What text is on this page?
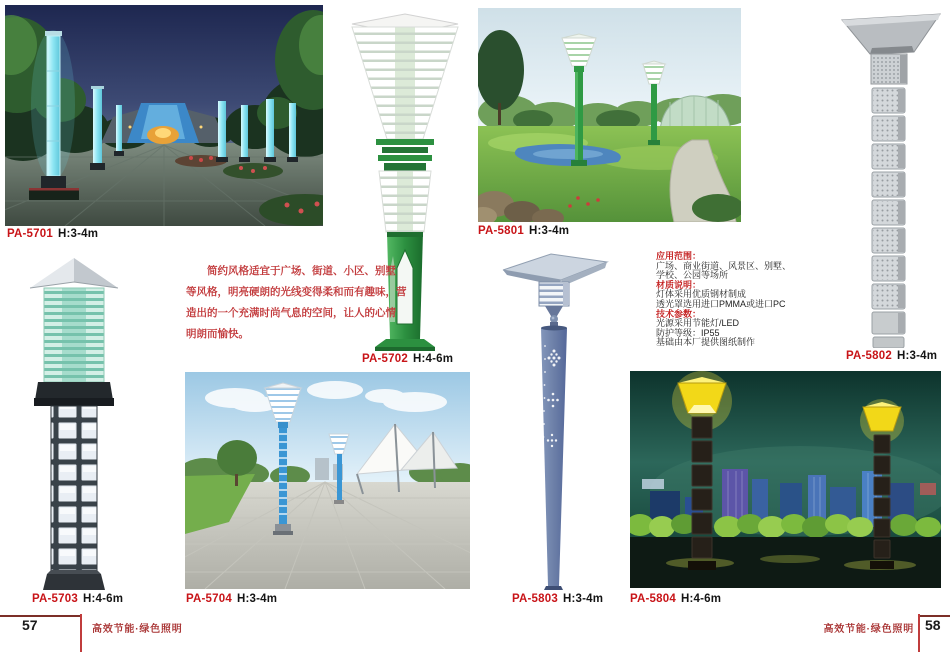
PA-5701 H:3-4m
PA-5702 H:4-6m
PA-5703 H:4-6m	PA-5704 H:3-4m
PA-5801 H:3-4m
PA-5802 H:3-4m
PA-5803 H:3-4m PA-5804 H:4-6m
简约风格适宜于广场、街道、小区、别墅
等风格，明亮硬朗的光线变得柔和而有趣味，营
造出的一个充满时尚气息的空间，让人的心情
明朗而愉快。
应用范围：
广场、商业街道、风景区、别墅、
学校、公园等场所
材质说明：
灯体采用优质钢材制成
透光罩选用进口PMMA或进口PC
技术参数：
光源采用节能灯/LED
防护等级：IP55
基础由本厂提供图纸制作
57	高效节能·绿色照明	高效节能·绿色照明 58
